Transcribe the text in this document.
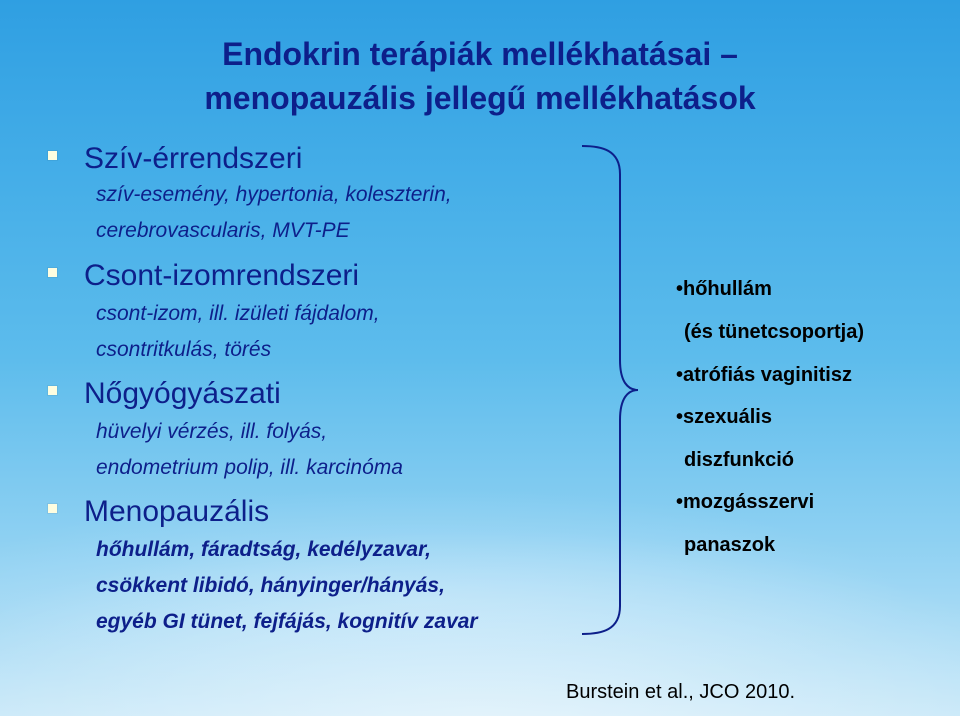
Endokrin terápiák mellékhatásai –
menopauzális jellegű mellékhatások
Szív-érrendszeri
szív-esemény, hypertonia, koleszterin,
cerebrovascularis, MVT-PE
Csont-izomrendszeri
csont-izom, ill. izületi fájdalom,
csontritkulás, törés
Nőgyógyászati
hüvelyi vérzés, ill. folyás,
endometrium polip, ill. karcinóma
Menopauzális
hőhullám, fáradtság, kedélyzavar,
csökkent libidó, hányinger/hányás,
egyéb GI tünet, fejfájás, kognitív zavar
•hőhullám
(és tünetcsoportja)
•atrófiás vaginitisz
•szexuális
diszfunkció
•mozgásszervi
panaszok
Burstein et al., JCO 2010.
